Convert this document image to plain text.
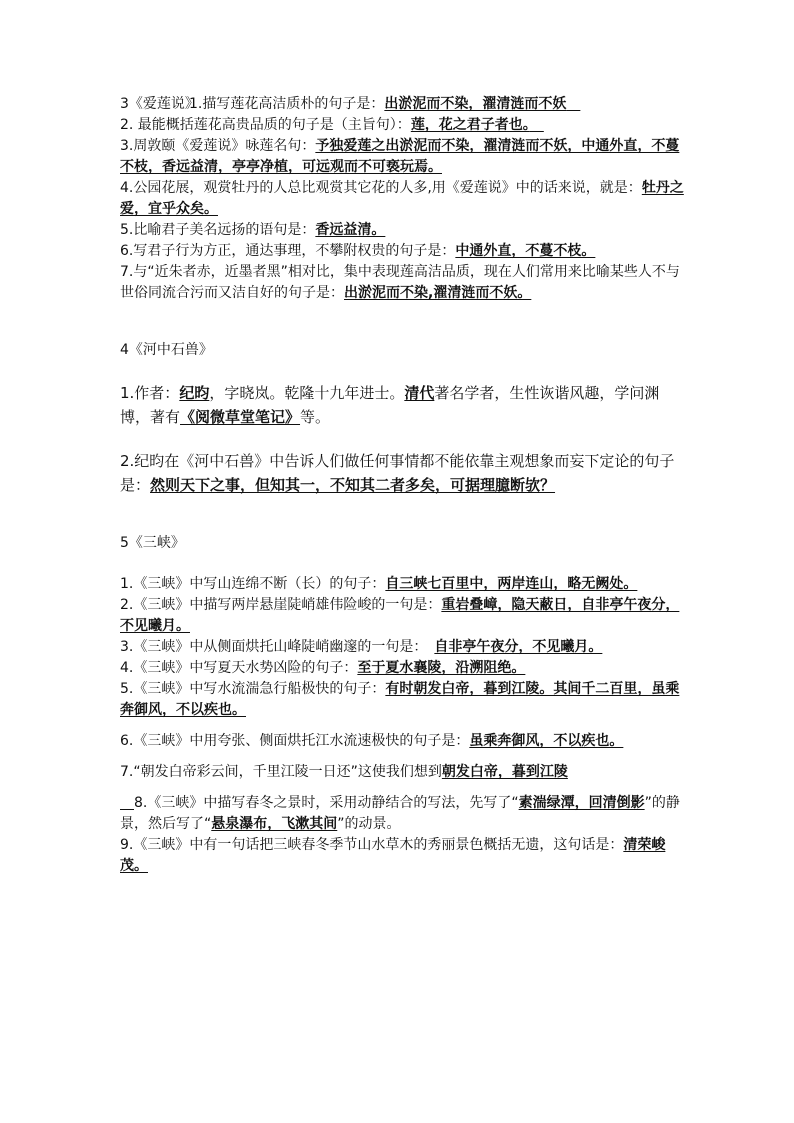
3《爱莲说》
1.描写莲花高洁质朴的句子是：出淤泥而不染，濯清涟而不妖　
2. 最能概括莲花高贵品质的句子是（主旨句）：莲，花之君子者也。　
3.周敦颐《爱莲说》咏莲名句：予独爱莲之出淤泥而不染，濯清涟而不妖，中通外直，不蔓不枝，香远益清，亭亭净植，可远观而不可亵玩焉。
4.公园花展，观赏牡丹的人总比观赏其它花的人多,用《爱莲说》中的话来说，就是：牡丹之爱，宜乎众矣。
5.比喻君子美名远扬的语句是：香远益清。
6.写君子行为方正，通达事理，不攀附权贵的句子是：中通外直，不蔓不枝。
7.与“近朱者赤，近墨者黑”相对比，集中表现莲高洁品质，现在人们常用来比喻某些人不与世俗同流合污而又洁自好的句子是：出淤泥而不染,濯清涟而不妖。
4《河中石兽》
1.作者：纪昀，字晓岚。乾隆十九年进士。清代著名学者，生性诙谐风趣，学问渊博，著有《阅微草堂笔记》等。
2.纪昀在《河中石兽》中告诉人们做任何事情都不能依靠主观想象而妄下定论的句子是：然则天下之事，但知其一，不知其二者多矣，可据理臆断欤？
5《三峡》
1.《三峡》中写山连绵不断（长）的句子：自三峡七百里中，两岸连山，略无阙处。
2.《三峡》中描写两岸悬崖陡峭雄伟险峻的一句是：重岩叠嶂，隐天蔽日，自非亭午夜分，不见曦月。
3.《三峡》中从侧面烘托山峰陡峭幽邃的一句是：　自非亭午夜分，不见曦月。
4.《三峡》中写夏天水势凶险的句子：至于夏水襄陵，沿溯阻绝。
5.《三峡》中写水流湍急行船极快的句子：有时朝发白帝，暮到江陵。其间千二百里，虽乘奔御风，不以疾也。
6.《三峡》中用夸张、侧面烘托江水流速极快的句子是：虽乘奔御风，不以疾也。
7.“朝发白帝彩云间，千里江陵一日还”这使我们想到朝发白帝，暮到江陵
　8.《三峡》中描写春冬之景时，采用动静结合的写法，先写了“素湍绿潭，回清倒影”的静景，然后写了“悬泉瀑布，飞漱其间”的动景。
9.《三峡》中有一句话把三峡春冬季节山水草木的秀丽景色概括无遗，这句话是：清荣峻茂。
